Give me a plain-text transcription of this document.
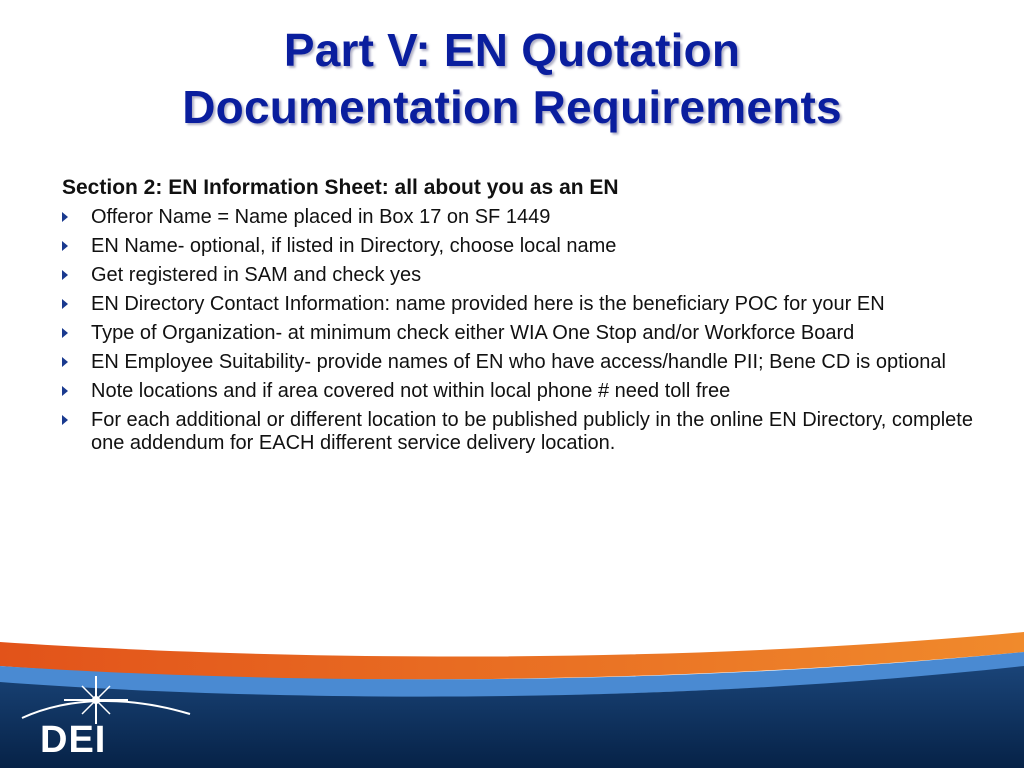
Part V: EN Quotation
Documentation Requirements

Section 2: EN Information Sheet: all about you as an EN

Offeror Name = Name placed in Box 17 on SF 1449
EN Name- optional, if listed in Directory, choose local name
Get registered in SAM and check yes
EN Directory Contact Information: name provided here is the beneficiary POC for your EN
Type of Organization- at minimum check either WIA One Stop and/or Workforce Board
EN Employee Suitability- provide names of EN who have access/handle PII; Bene CD is optional
Note locations and if area covered not within local phone # need toll free
For each additional or different location to be published publicly in the online EN Directory, complete one addendum for EACH different service delivery location.
DEI
